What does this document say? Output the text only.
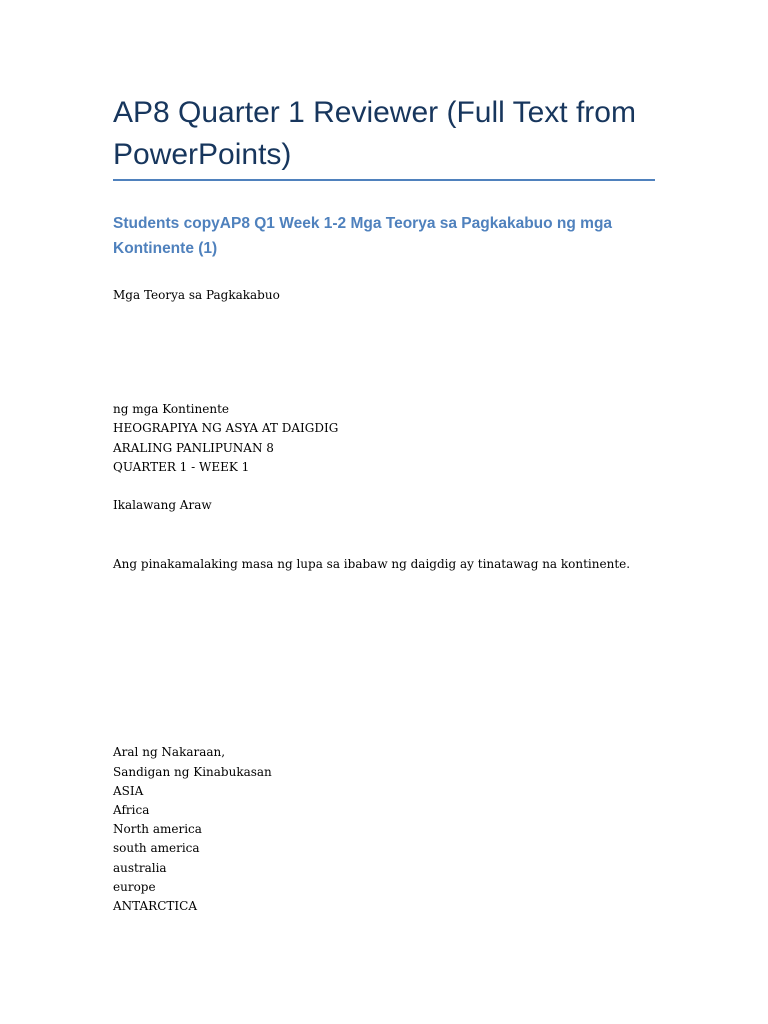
AP8 Quarter 1 Reviewer (Full Text from PowerPoints)
Students copyAP8 Q1 Week 1-2 Mga Teorya sa Pagkakabuo ng mga Kontinente (1)

Mga Teorya sa Pagkakabuo

ng mga Kontinente
HEOGRAPIYA NG ASYA AT DAIGDIG
ARALING PANLIPUNAN 8
QUARTER 1 - WEEK 1

Ikalawang Araw

Ang pinakamalaking masa ng lupa sa ibabaw ng daigdig ay tinatawag na kontinente.

Aral ng Nakaraan,
Sandigan ng Kinabukasan
ASIA
Africa
North america
south america
australia
europe
ANTARCTICA
